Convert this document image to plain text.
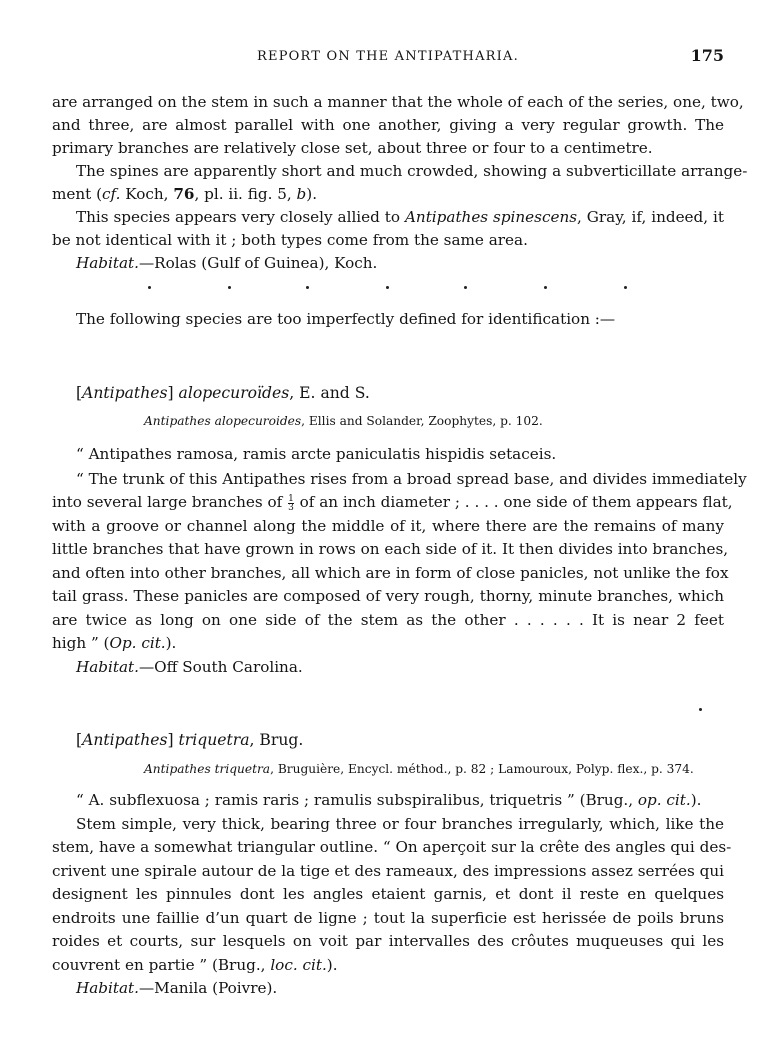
REPORT ON THE ANTIPATHARIA.	175
are arranged on the stem in such a manner that the whole of each of the series, one, two,
and three, are almost parallel with one another, giving a very regular growth. The
primary branches are relatively close set, about three or four to a centimetre.
The spines are apparently short and much crowded, showing a subverticillate arrange-
ment (cf. Koch, 76, pl. ii. fig. 5, b).
This species appears very closely allied to Antipathes spinescens, Gray, if, indeed, it
be not identical with it ; both types come from the same area.
Habitat.—Rolas (Gulf of Guinea), Koch.
The following species are too imperfectly defined for identification :—
[Antipathes] alopecuroïdes, E. and S.
Antipathes alopecuroides, Ellis and Solander, Zoophytes, p. 102.
“ Antipathes ramosa, ramis arcte paniculatis hispidis setaceis.
“ The trunk of this Antipathes rises from a broad spread base, and divides immediately
into several large branches of $\frac{1}{3}$ of an inch diameter ; . . . . one side of them appears flat,
with a groove or channel along the middle of it, where there are the remains of many
little branches that have grown in rows on each side of it. It then divides into branches,
and often into other branches, all which are in form of close panicles, not unlike the fox
tail grass. These panicles are composed of very rough, thorny, minute branches, which
are twice as long on one side of the stem as the other . . . . . . It is near 2 feet
high ” (Op. cit.).
Habitat.—Off South Carolina.
[Antipathes] triquetra, Brug.
Antipathes triquetra, Bruguière, Encycl. méthod., p. 82 ; Lamouroux, Polyp. flex., p. 374.
“ A. subflexuosa ; ramis raris ; ramulis subspiralibus, triquetris ” (Brug., op. cit.).
Stem simple, very thick, bearing three or four branches irregularly, which, like the
stem, have a somewhat triangular outline. “ On aperçoit sur la crête des angles qui des-
crivent une spirale autour de la tige et des rameaux, des impressions assez serrées qui
designent les pinnules dont les angles etaient garnis, et dont il reste en quelques
endroits une faillie d’un quart de ligne ; tout la superficie est herissée de poils bruns
roides et courts, sur lesquels on voit par intervalles des crôutes muqueuses qui les
couvrent en partie ” (Brug., loc. cit.).
Habitat.—Manila (Poivre).
